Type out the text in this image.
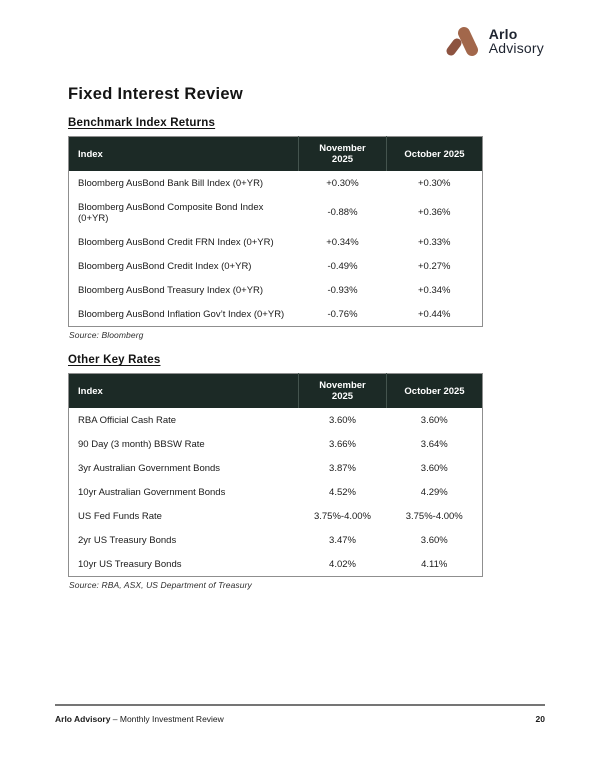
Arlo
Advisory
Fixed Interest Review
Benchmark Index Returns
Index	November 2025	October 2025
Bloomberg AusBond Bank Bill Index (0+YR)	+0.30%	+0.30%
Bloomberg AusBond Composite Bond Index (0+YR)	-0.88%	+0.36%
Bloomberg AusBond Credit FRN Index (0+YR)	+0.34%	+0.33%
Bloomberg AusBond Credit Index (0+YR)	-0.49%	+0.27%
Bloomberg AusBond Treasury Index (0+YR)	-0.93%	+0.34%
Bloomberg AusBond Inflation Gov’t Index (0+YR)	-0.76%	+0.44%
Source: Bloomberg
Other Key Rates
Index	November 2025	October 2025
RBA Official Cash Rate	3.60%	3.60%
90 Day (3 month) BBSW Rate	3.66%	3.64%
3yr Australian Government Bonds	3.87%	3.60%
10yr Australian Government Bonds	4.52%	4.29%
US Fed Funds Rate	3.75%-4.00%	3.75%-4.00%
2yr US Treasury Bonds	3.47%	3.60%
10yr US Treasury Bonds	4.02%	4.11%
Source: RBA, ASX, US Department of Treasury
Arlo Advisory – Monthly Investment Review	20
